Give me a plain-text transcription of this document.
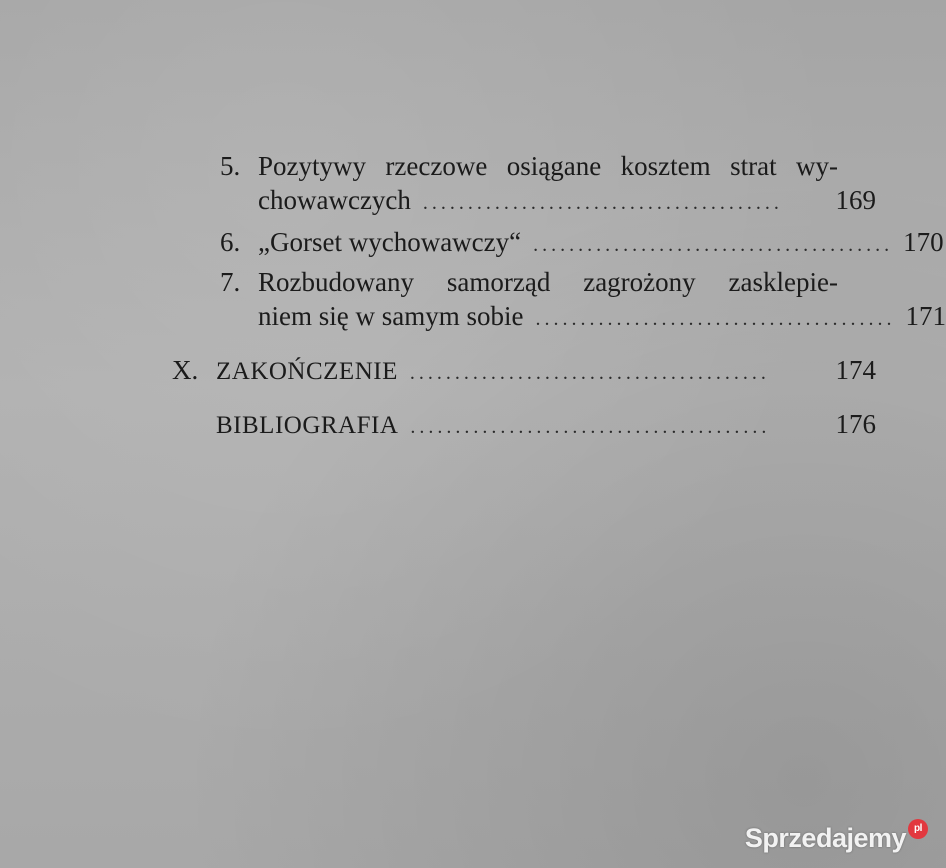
5. Pozytywy rzeczowe osiągane kosztem strat wy-
chowawczych ........................................	169
6. „Gorset wychowawczy“ ........................................ 170
7. Rozbudowany samorząd zagrożony zasklepie-
niem się w samym sobie ........................................ 171
X. ZAKOŃCZENIE ........................................	174
BIBLIOGRAFIA ........................................	176
Sprzedajemy pl
